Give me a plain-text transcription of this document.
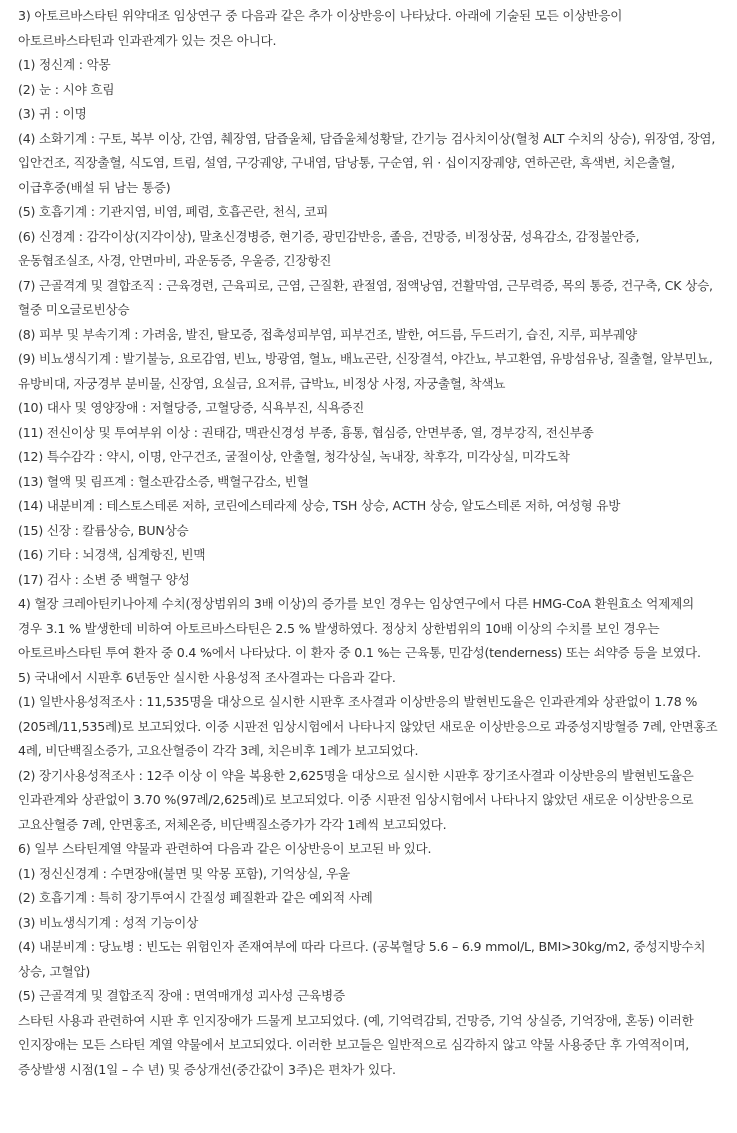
3) 아토르바스타틴 위약대조 임상연구 중 다음과 같은 추가 이상반응이 나타났다. 아래에 기술된 모든 이상반응이 아토르바스타틴과 인과관계가 있는 것은 아니다.

(1) 정신계 : 악몽

(2) 눈 : 시야 흐림

(3) 귀 : 이명

(4) 소화기계 : 구토, 복부 이상, 간염, 췌장염, 담즙울체, 담즙울체성황달, 간기능 검사치이상(혈청 ALT 수치의 상승), 위장염, 장염, 입안건조, 직장출혈, 식도염, 트림, 설염, 구강궤양, 구내염, 담낭통, 구순염, 위 · 십이지장궤양, 연하곤란, 흑색변, 치은출혈, 이급후중(배설 뒤 남는 통증)

(5) 호흡기계 : 기관지염, 비염, 폐렴, 호흡곤란, 천식, 코피

(6) 신경계 : 감각이상(지각이상), 말초신경병증, 현기증, 광민감반응, 졸음, 건망증, 비정상꿈, 성욕감소, 감정불안증, 운동협조실조, 사경, 안면마비, 과운동증, 우울증, 긴장항진

(7) 근골격계 및 결합조직 : 근육경련, 근육피로, 근염, 근질환, 관절염, 점액낭염, 건활막염, 근무력증, 목의 통증, 건구축, CK 상승, 혈중 미오글로빈상승

(8) 피부 및 부속기계 : 가려움, 발진, 탈모증, 접촉성피부염, 피부건조, 발한, 여드름, 두드러기, 습진, 지루, 피부궤양

(9) 비뇨생식기계 : 발기불능, 요로감염, 빈뇨, 방광염, 혈뇨, 배뇨곤란, 신장결석, 야간뇨, 부고환염, 유방섬유낭, 질출혈, 알부민뇨, 유방비대, 자궁경부 분비물, 신장염, 요실금, 요저류, 급박뇨, 비정상 사정, 자궁출혈, 착색뇨

(10) 대사 및 영양장애 : 저혈당증, 고혈당증, 식욕부진, 식욕증진

(11) 전신이상 및 투여부위 이상 : 권태감, 맥관신경성 부종, 흉통, 협심증, 안면부종, 열, 경부강직, 전신부종

(12) 특수감각 : 약시, 이명, 안구건조, 굴절이상, 안출혈, 청각상실, 녹내장, 착후각, 미각상실, 미각도착

(13) 혈액 및 림프계 : 혈소판감소증, 백혈구감소, 빈혈

(14) 내분비계 : 테스토스테론 저하, 코린에스테라제 상승, TSH 상승, ACTH 상승, 알도스테론 저하, 여성형 유방

(15) 신장 : 칼륨상승, BUN상승

(16) 기타 : 뇌경색, 심계항진, 빈맥

(17) 검사 : 소변 중 백혈구 양성

4) 혈장 크레아틴키나아제 수치(정상범위의 3배 이상)의 증가를 보인 경우는 임상연구에서 다른 HMG-CoA 환원효소 억제제의 경우 3.1 % 발생한데 비하여 아토르바스타틴은 2.5 % 발생하였다. 정상치 상한범위의 10배 이상의 수치를 보인 경우는 아토르바스타틴 투여 환자 중 0.4 %에서 나타났다. 이 환자 중 0.1 %는 근육통, 민감성(tenderness) 또는 쇠약증 등을 보였다.

5) 국내에서 시판후 6년동안 실시한 사용성적 조사결과는 다음과 같다.

(1) 일반사용성적조사 : 11,535명을 대상으로 실시한 시판후 조사결과 이상반응의 발현빈도율은 인과관계와 상관없이 1.78 %(205례/11,535례)로 보고되었다. 이중 시판전 임상시험에서 나타나지 않았던 새로운 이상반응으로 과중성지방혈증 7례, 안면홍조 4례, 비단백질소증가, 고요산혈증이 각각 3례, 치은비후 1례가 보고되었다.

(2) 장기사용성적조사 : 12주 이상 이 약을 복용한 2,625명을 대상으로 실시한 시판후 장기조사결과 이상반응의 발현빈도율은 인과관계와 상관없이 3.70 %(97례/2,625례)로 보고되었다. 이중 시판전 임상시험에서 나타나지 않았던 새로운 이상반응으로 고요산혈증 7례, 안면홍조, 저체온증, 비단백질소증가가 각각 1례씩 보고되었다.

6) 일부 스타틴계열 약물과 관련하여 다음과 같은 이상반응이 보고된 바 있다.

(1) 정신신경계 : 수면장애(불면 및 악몽 포함), 기억상실, 우울

(2) 호흡기계 : 특히 장기투여시 간질성 폐질환과 같은 예외적 사례

(3) 비뇨생식기계 : 성적 기능이상

(4) 내분비계 : 당뇨병 : 빈도는 위험인자 존재여부에 따라 다르다. (공복혈당 5.6 – 6.9 mmol/L, BMI>30kg/m2, 중성지방수치 상승, 고혈압)

(5) 근골격계 및 결합조직 장애 : 면역매개성 괴사성 근육병증

스타틴 사용과 관련하여 시판 후 인지장애가 드물게 보고되었다. (예, 기억력감퇴, 건망증, 기억 상실증, 기억장애, 혼동) 이러한 인지장애는 모든 스타틴 계열 약물에서 보고되었다. 이러한 보고들은 일반적으로 심각하지 않고 약물 사용중단 후 가역적이며, 증상발생 시점(1일 – 수 년) 및 증상개선(중간값이 3주)은 편차가 있다.
